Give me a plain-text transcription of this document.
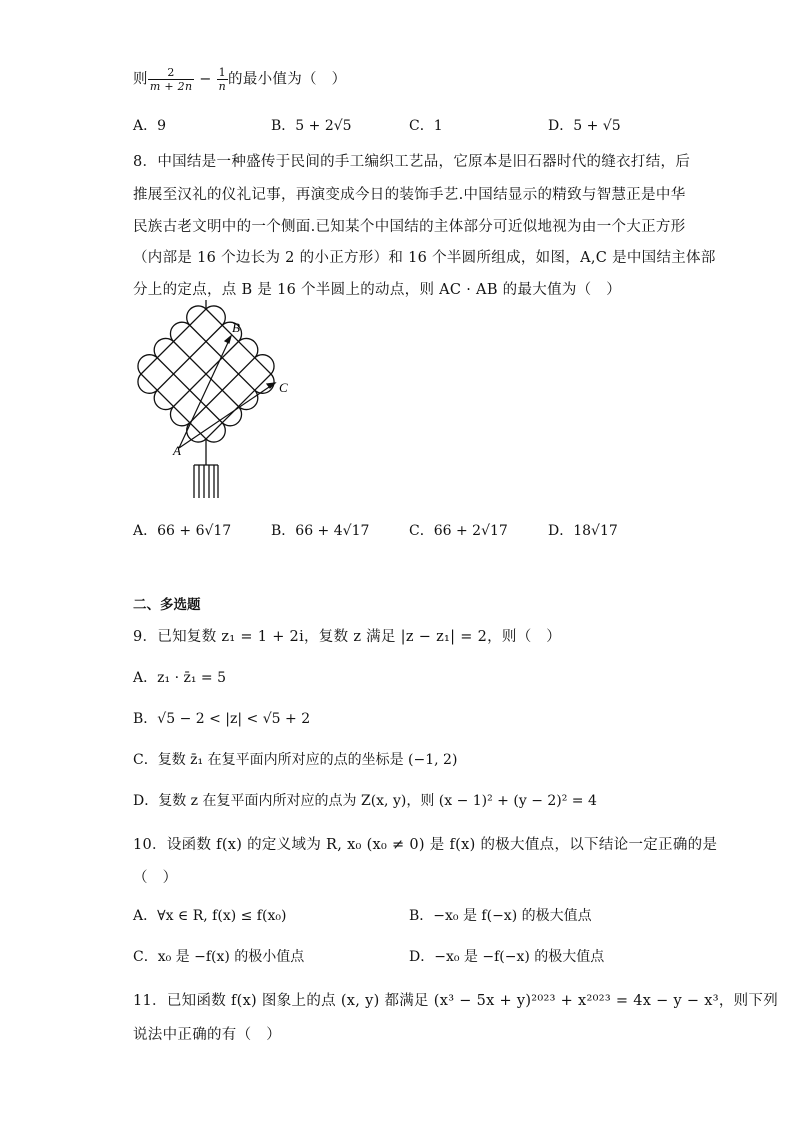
则 $\frac{2}{m + 2n} - \frac{1}{n}$ 的最小值为（　）
A．9	B．5 + 2√5	C．1	D．5 + √5
8．中国结是一种盛传于民间的手工编织工艺品，它原本是旧石器时代的缝衣打结，后
推展至汉礼的仪礼记事，再演变成今日的装饰手艺.中国结显示的精致与智慧正是中华
民族古老文明中的一个侧面.已知某个中国结的主体部分可近似地视为由一个大正方形
（内部是 16 个边长为 2 的小正方形）和 16 个半圆所组成，如图，A,C 是中国结主体部
分上的定点，点 B 是 16 个半圆上的动点，则 AC · AB 的最大值为（　）
A
B
C
A．66 + 6√17	B．66 + 4√17	C．66 + 2√17	D．18√17
二、多选题
9．已知复数 z₁ = 1 + 2i，复数 z 满足 |z − z₁| = 2，则（　）
A．z₁ · z̄₁ = 5
B．√5 − 2 < |z| < √5 + 2
C．复数 z̄₁ 在复平面内所对应的点的坐标是 (−1, 2)
D．复数 z 在复平面内所对应的点为 Z(x, y)，则 (x − 1)² + (y − 2)² = 4
10．设函数 f(x) 的定义域为 R, x₀ (x₀ ≠ 0) 是 f(x) 的极大值点，以下结论一定正确的是
（　）
A．∀x ∈ R, f(x) ≤ f(x₀)	B．−x₀ 是 f(−x) 的极大值点
C．x₀ 是 −f(x) 的极小值点	D．−x₀ 是 −f(−x) 的极大值点
11．已知函数 f(x) 图象上的点 (x, y) 都满足 (x³ − 5x + y)²⁰²³ + x²⁰²³ = 4x − y − x³，则下列
说法中正确的有（　）
